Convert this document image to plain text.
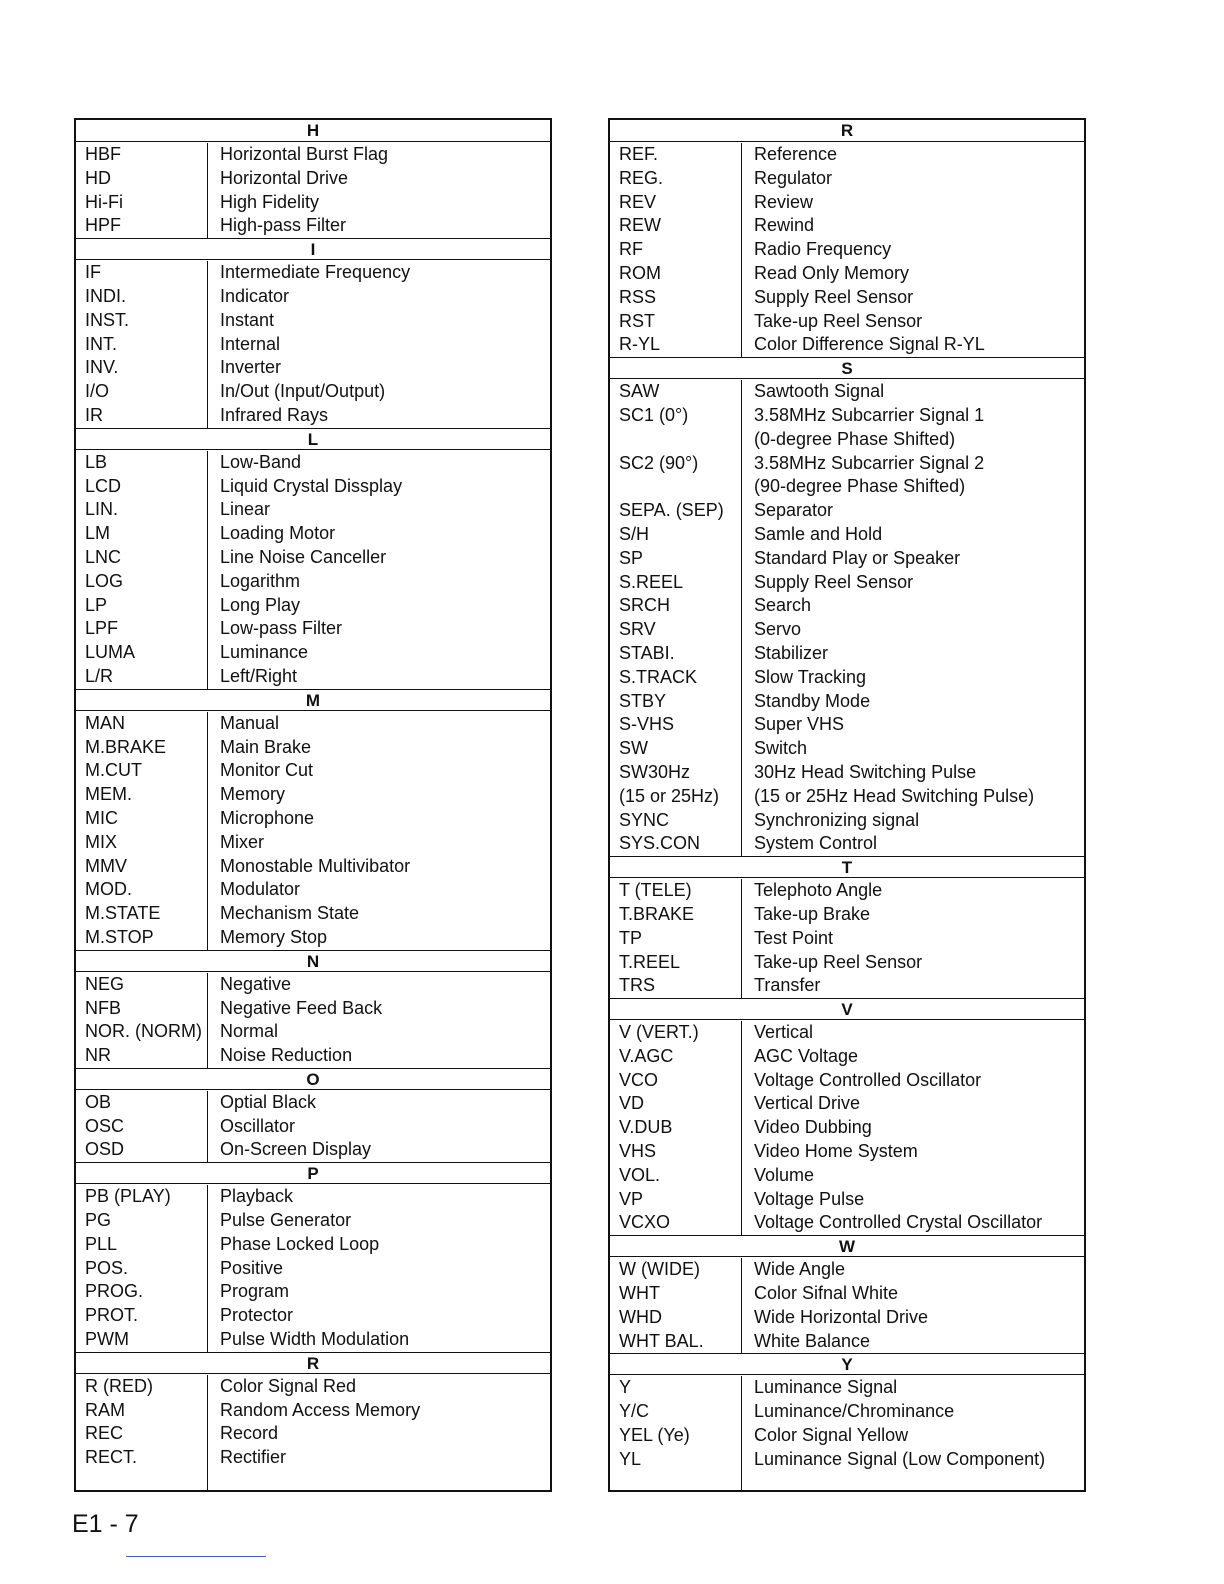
H
HBF	Horizontal Burst Flag
HD	Horizontal Drive
Hi-Fi	High Fidelity
HPF	High-pass Filter
I
IF	Intermediate Frequency
INDI.	Indicator
INST.	Instant
INT.	Internal
INV.	Inverter
I/O	In/Out (Input/Output)
IR	Infrared Rays
L
LB	Low-Band
LCD	Liquid Crystal Dissplay
LIN.	Linear
LM	Loading Motor
LNC	Line Noise Canceller
LOG	Logarithm
LP	Long Play
LPF	Low-pass Filter
LUMA	Luminance
L/R	Left/Right
M
MAN	Manual
M.BRAKE	Main Brake
M.CUT	Monitor Cut
MEM.	Memory
MIC	Microphone
MIX	Mixer
MMV	Monostable Multivibator
MOD.	Modulator
M.STATE	Mechanism State
M.STOP	Memory Stop
N
NEG	Negative
NFB	Negative Feed Back
NOR. (NORM)	Normal
NR	Noise Reduction
O
OB	Optial Black
OSC	Oscillator
OSD	On-Screen Display
P
PB (PLAY)	Playback
PG	Pulse Generator
PLL	Phase Locked Loop
POS.	Positive
PROG.	Program
PROT.	Protector
PWM	Pulse Width Modulation
R
R (RED)	Color Signal Red
RAM	Random Access Memory
REC	Record
RECT.	Rectifier
R
REF.	Reference
REG.	Regulator
REV	Review
REW	Rewind
RF	Radio Frequency
ROM	Read Only Memory
RSS	Supply Reel Sensor
RST	Take-up Reel Sensor
R-YL	Color Difference Signal R-YL
S
SAW	Sawtooth Signal
SC1 (0°)	3.58MHz Subcarrier Signal 1
(0-degree Phase Shifted)
SC2 (90°)	3.58MHz Subcarrier Signal 2
(90-degree Phase Shifted)
SEPA. (SEP)	Separator
S/H	Samle and Hold
SP	Standard Play or Speaker
S.REEL	Supply Reel Sensor
SRCH	Search
SRV	Servo
STABI.	Stabilizer
S.TRACK	Slow Tracking
STBY	Standby Mode
S-VHS	Super VHS
SW	Switch
SW30Hz	30Hz Head Switching Pulse
(15 or 25Hz)	(15 or 25Hz Head Switching Pulse)
SYNC	Synchronizing signal
SYS.CON	System Control
T
T (TELE)	Telephoto Angle
T.BRAKE	Take-up Brake
TP	Test Point
T.REEL	Take-up Reel Sensor
TRS	Transfer
V
V (VERT.)	Vertical
V.AGC	AGC Voltage
VCO	Voltage Controlled Oscillator
VD	Vertical Drive
V.DUB	Video Dubbing
VHS	Video Home System
VOL.	Volume
VP	Voltage Pulse
VCXO	Voltage Controlled Crystal Oscillator
W
W (WIDE)	Wide Angle
WHT	Color Sifnal White
WHD	Wide Horizontal Drive
WHT BAL.	White Balance
Y
Y	Luminance Signal
Y/C	Luminance/Chrominance
YEL (Ye)	Color Signal Yellow
YL	Luminance Signal (Low Component)
E1 - 7
